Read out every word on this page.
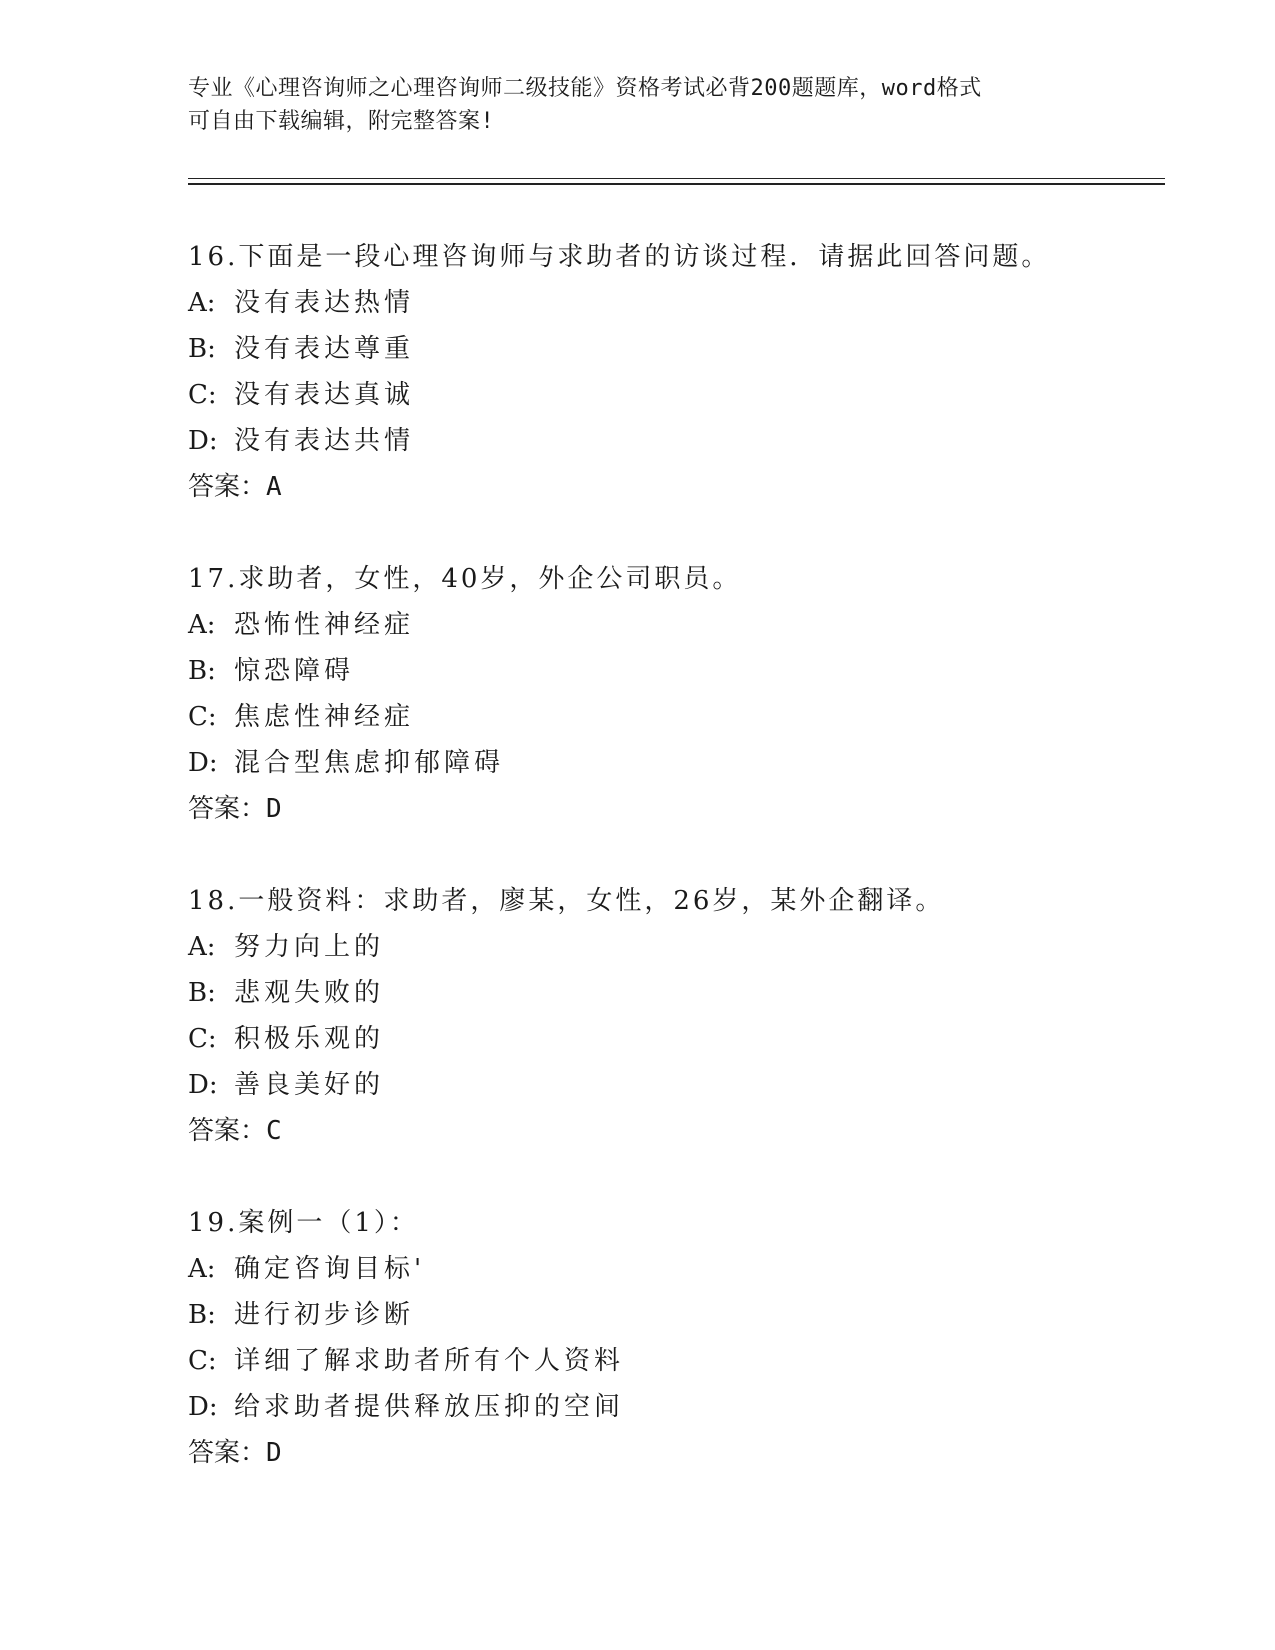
专业《心理咨询师之心理咨询师二级技能》资格考试必背200题题库，word格式
可自由下载编辑，附完整答案!
16.下面是一段心理咨询师与求助者的访谈过程．请据此回答问题。
A: 没有表达热情
B: 没有表达尊重
C: 没有表达真诚
D: 没有表达共情
答案：A
17.求助者，女性，40岁，外企公司职员。
A: 恐怖性神经症
B: 惊恐障碍
C: 焦虑性神经症
D: 混合型焦虑抑郁障碍
答案：D
18.一般资料：求助者，廖某，女性，26岁，某外企翻译。
A: 努力向上的
B: 悲观失败的
C: 积极乐观的
D: 善良美好的
答案：C
19.案例一（1）：
A: 确定咨询目标'
B: 进行初步诊断
C: 详细了解求助者所有个人资料
D: 给求助者提供释放压抑的空间
答案：D
